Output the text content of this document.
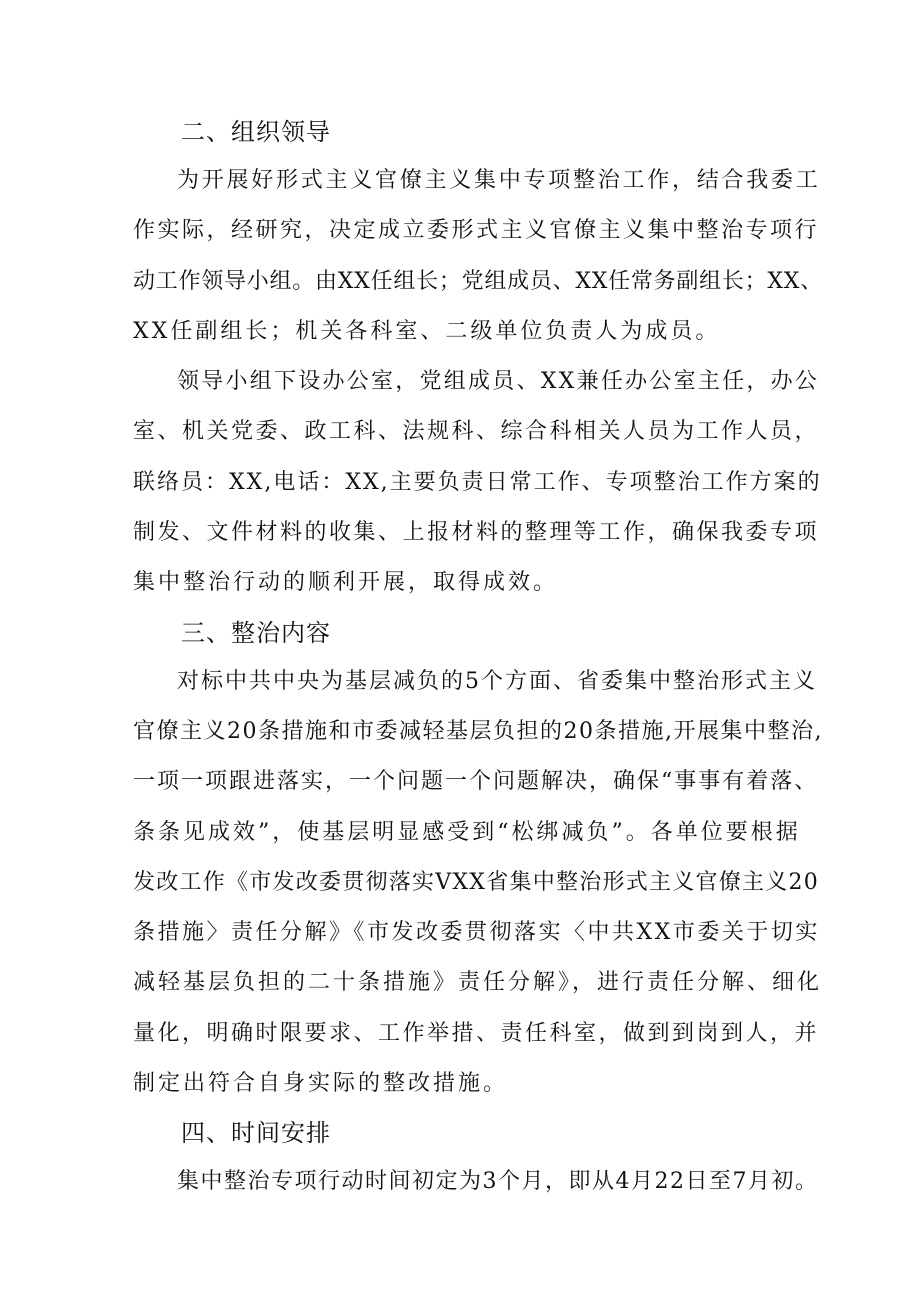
二、组织领导

为开展好形式主义官僚主义集中专项整治工作，结合我委工
作实际，经研究，决定成立委形式主义官僚主义集中整治专项行
动工作领导小组。由XX任组长；党组成员、XX任常务副组长；XX、
XX任副组长；机关各科室、二级单位负责人为成员。

领导小组下设办公室，党组成员、XX兼任办公室主任，办公
室、机关党委、政工科、法规科、综合科相关人员为工作人员，
联络员：XX,电话：XX,主要负责日常工作、专项整治工作方案的
制发、文件材料的收集、上报材料的整理等工作，确保我委专项
集中整治行动的顺利开展，取得成效。

三、整治内容

对标中共中央为基层减负的5个方面、省委集中整治形式主义
官僚主义20条措施和市委减轻基层负担的20条措施,开展集中整治,
一项一项跟进落实，一个问题一个问题解决，确保“事事有着落、
条条见成效”，使基层明显感受到“松绑减负”。各单位要根据
发改工作《市发改委贯彻落实VXX省集中整治形式主义官僚主义20
条措施〉责任分解》《市发改委贯彻落实〈中共XX市委关于切实
减轻基层负担的二十条措施》责任分解》，进行责任分解、细化
量化，明确时限要求、工作举措、责任科室，做到到岗到人，并
制定出符合自身实际的整改措施。

四、时间安排

集中整治专项行动时间初定为3个月，即从4月22日至7月初。
